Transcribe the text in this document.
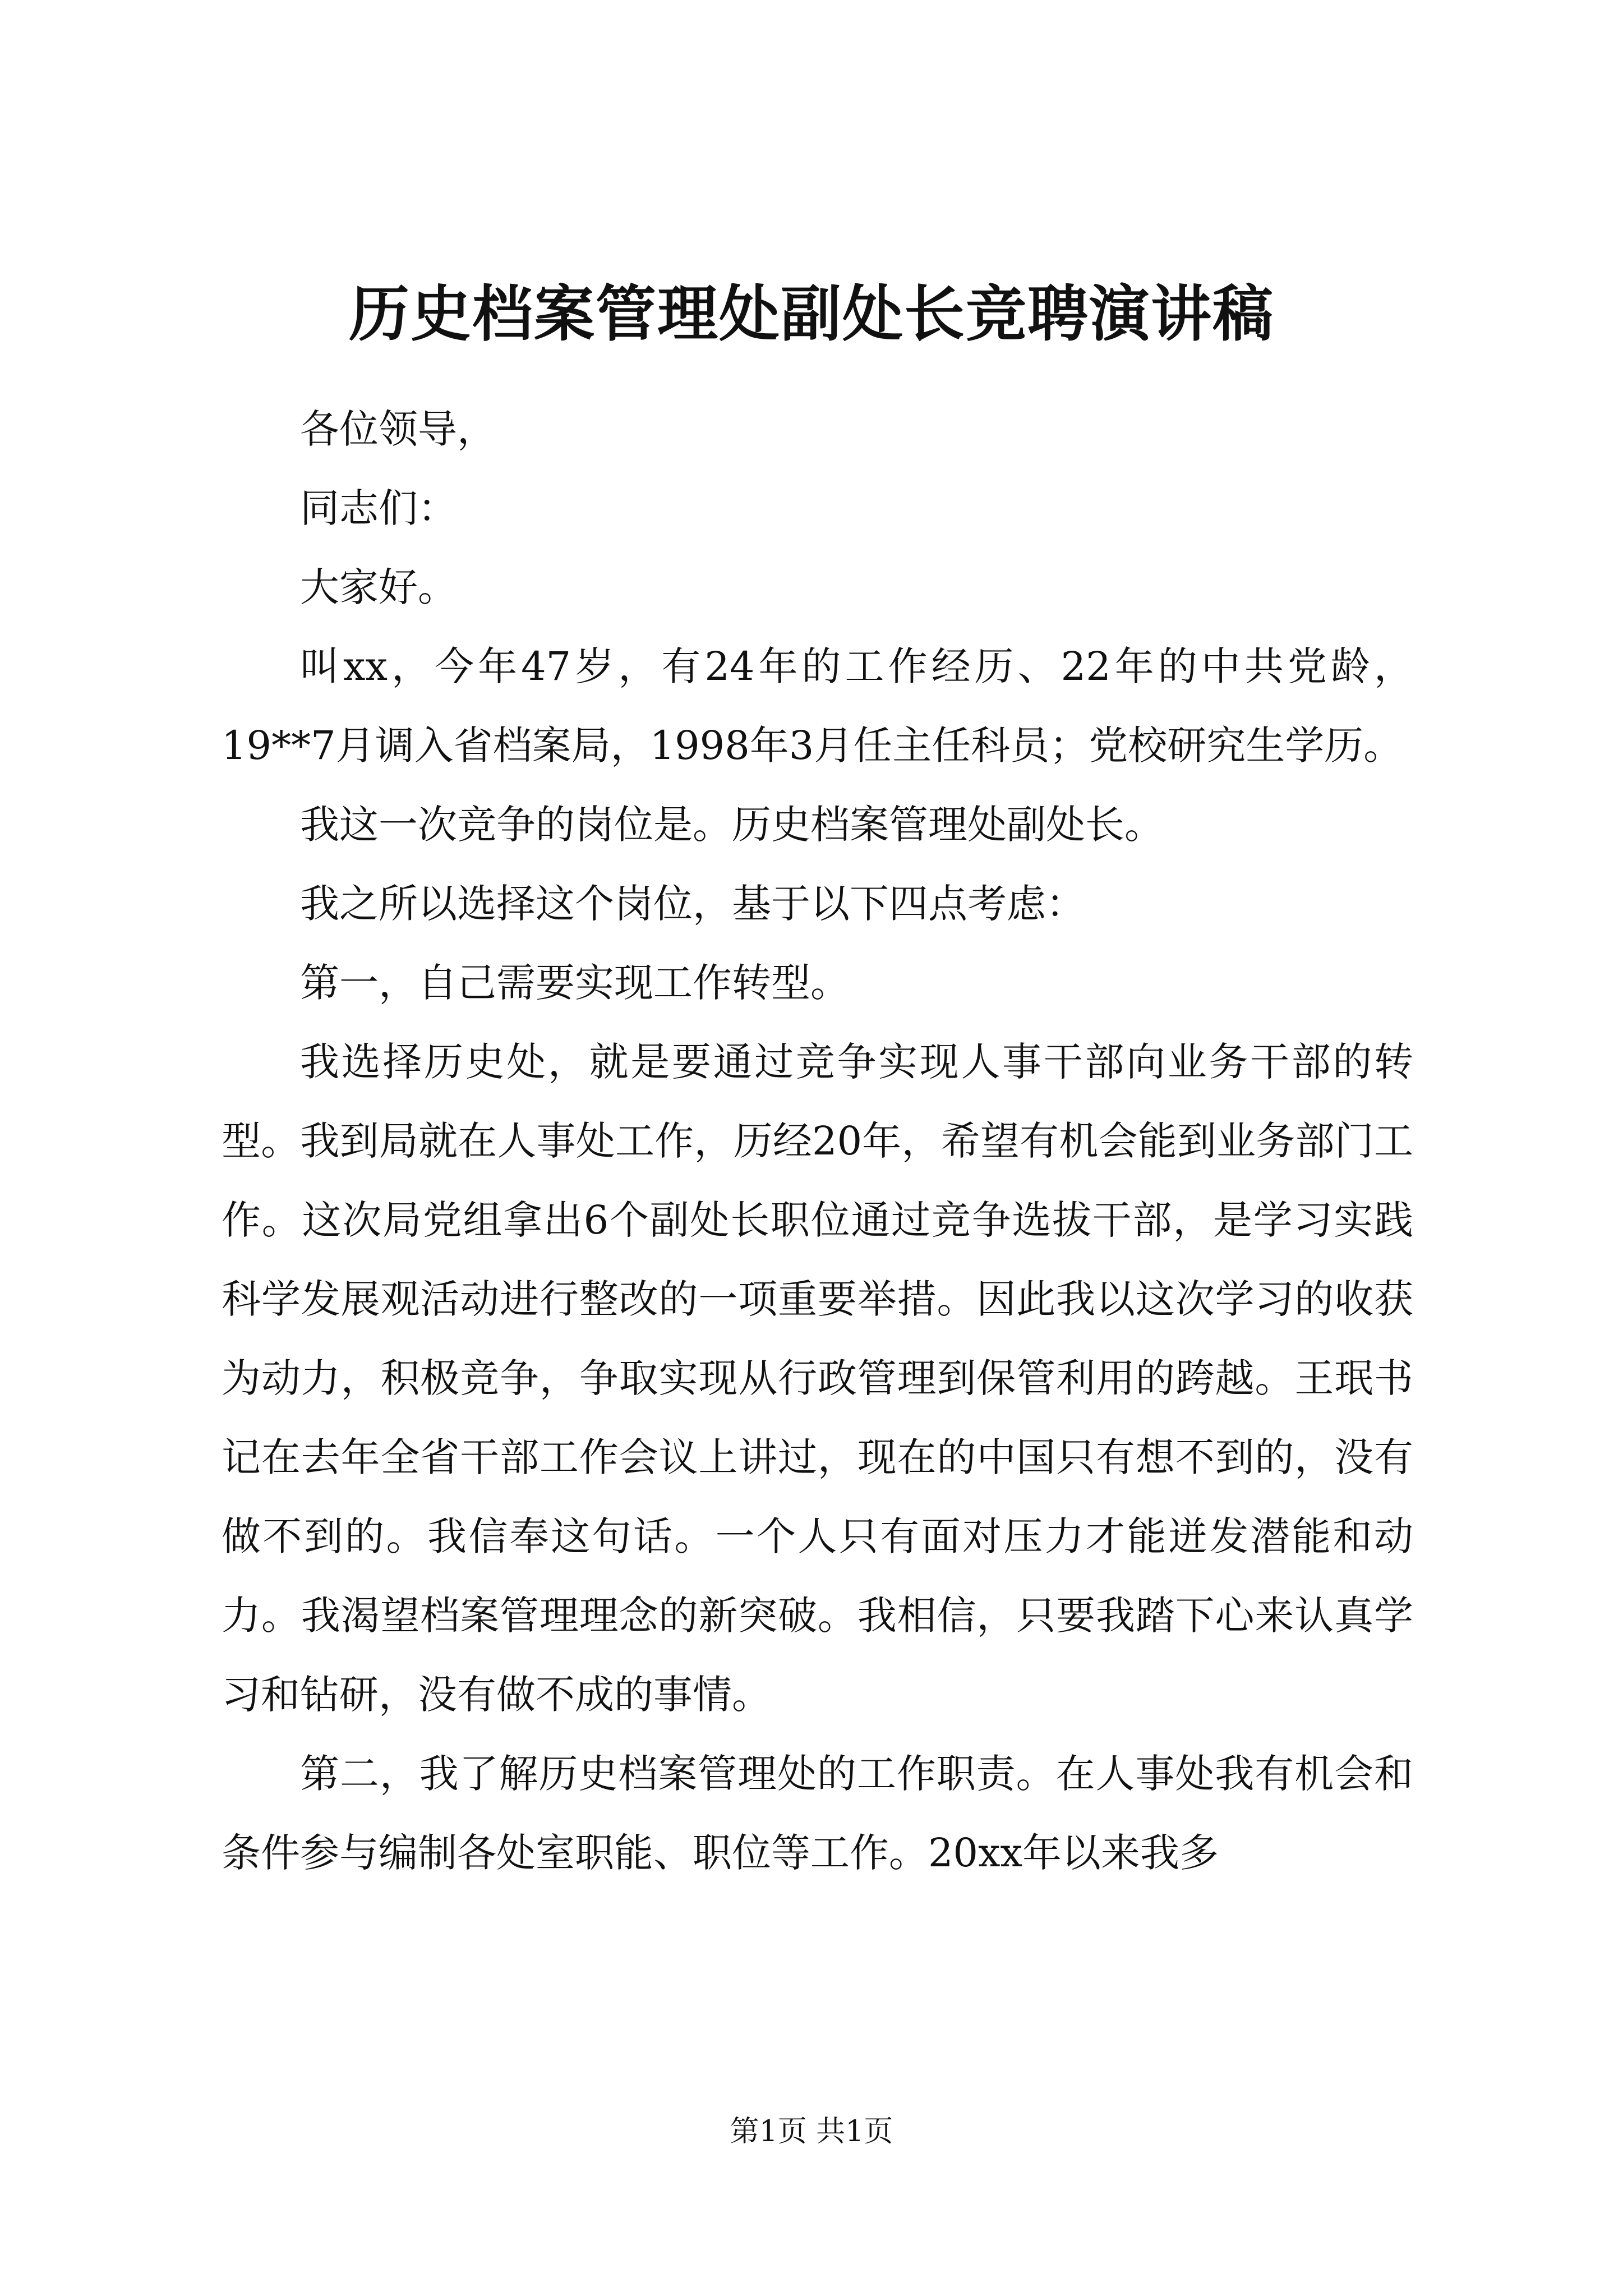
历史档案管理处副处长竞聘演讲稿

各位领导，

同志们：

大家好。

叫xx，今年47岁，有24年的工作经历、22年的中共党龄，19**7月调入省档案局，1998年3月任主任科员；党校研究生学历。

我这一次竞争的岗位是。历史档案管理处副处长。

我之所以选择这个岗位，基于以下四点考虑：

第一，自己需要实现工作转型。

我选择历史处，就是要通过竞争实现人事干部向业务干部的转型。我到局就在人事处工作，历经20年，希望有机会能到业务部门工作。这次局党组拿出6个副处长职位通过竞争选拔干部，是学习实践科学发展观活动进行整改的一项重要举措。因此我以这次学习的收获为动力，积极竞争，争取实现从行政管理到保管利用的跨越。王珉书记在去年全省干部工作会议上讲过，现在的中国只有想不到的，没有做不到的。我信奉这句话。一个人只有面对压力才能迸发潜能和动力。我渴望档案管理理念的新突破。我相信，只要我踏下心来认真学习和钻研，没有做不成的事情。

第二，我了解历史档案管理处的工作职责。在人事处我有机会和条件参与编制各处室职能、职位等工作。20xx年以来我多

第1页 共1页
